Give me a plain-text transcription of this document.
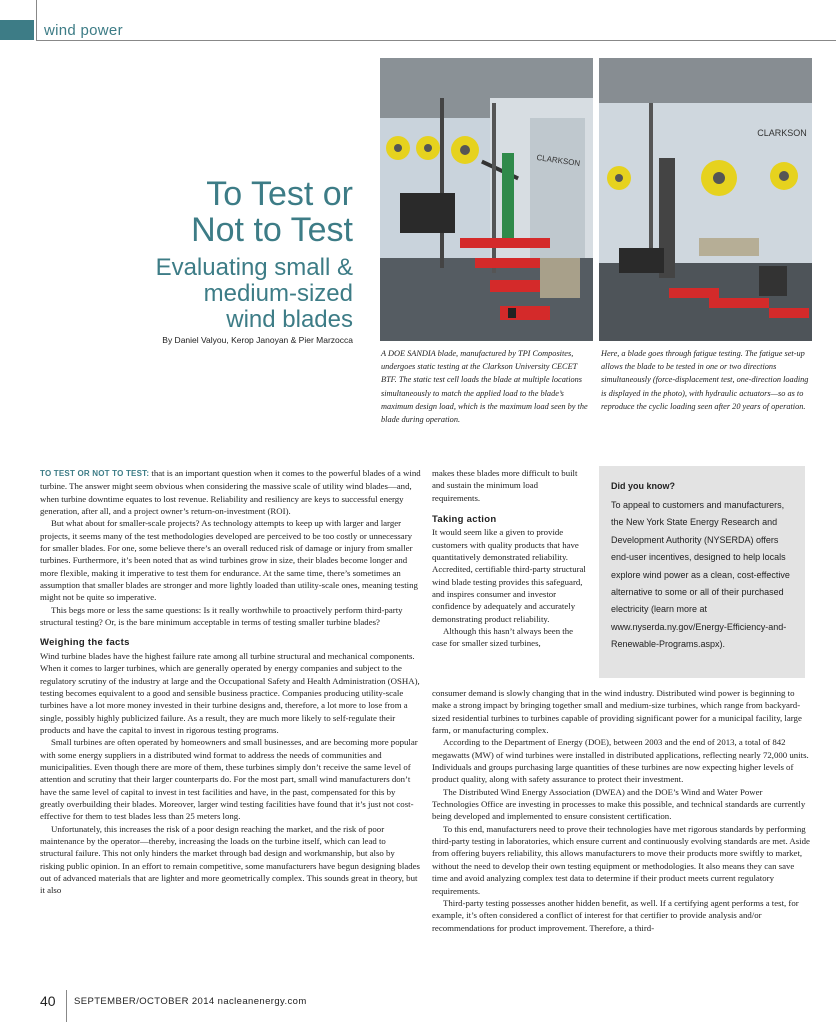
wind power
To Test or
Not to Test
Evaluating small &
medium-sized
wind blades
By Daniel Valyou, Kerop Janoyan & Pier Marzocca
CLARKSON
CLARKSON
A DOE SANDIA blade, manufactured by TPI Composites, undergoes static testing at the Clarkson University CECET BTF. The static test cell loads the blade at multiple locations simultaneously to match the applied load to the blade’s maximum design load, which is the maximum load seen by the blade during operation.
Here, a blade goes through fatigue testing. The fatigue set-up allows the blade to be tested in one or two directions simultaneously (force-displacement test, one-direction loading is displayed in the photo), with hydraulic actuators—so as to reproduce the cyclic loading seen after 20 years of operation.

TO TEST OR NOT TO TEST: that is an important question when it comes to the powerful blades of a wind turbine. The answer might seem obvious when considering the massive scale of utility wind blades—and, when turbine downtime equates to lost revenue. Reliability and resiliency are keys to successful energy generation, after all, and a project owner’s return-on-investment (ROI).

But what about for smaller-scale projects? As technology attempts to keep up with larger and larger projects, it seems many of the test methodologies developed are perceived to be too costly or unnecessary for smaller blades. For one, some believe there’s an overall reduced risk of damage or injury from smaller turbines. Furthermore, it’s been noted that as wind turbines grow in size, their blades become longer and more flexible, making it imperative to test them for endurance. At the same time, there’s sometimes an assumption that smaller blades are stronger and more lightly loaded than utility-scale ones, meaning testing might not be quite so imperative.

This begs more or less the same questions: Is it really worthwhile to proactively perform third-party structural testing? Or, is the bare minimum acceptable in terms of testing smaller turbine blades?

Weighing the facts

Wind turbine blades have the highest failure rate among all turbine structural and mechanical components. When it comes to larger turbines, which are generally operated by energy companies and subject to the regulatory scrutiny of the industry at large and the Occupational Safety and Health Administration (OSHA), testing becomes equivalent to a good and sensible business practice. Companies producing utility-scale turbines have a lot more money invested in their turbine designs and, therefore, a lot more to lose from a single, possibly highly publicized failure. As a result, they are much more likely to self-regulate their products and have the capital to invest in rigorous testing programs.

Small turbines are often operated by homeowners and small businesses, and are becoming more popular with some energy suppliers in a distributed wind format to address the needs of communities and municipalities. Even though there are more of them, these turbines simply don’t receive the same level of attention and scrutiny that their larger counterparts do. For the most part, small wind manufacturers don’t have the same level of capital to invest in test facilities and have, in the past, compensated for this by greatly overbuilding their blades. Moreover, larger wind testing facilities have found that it’s just not cost-effective for them to test blades less than 25 meters long.

Unfortunately, this increases the risk of a poor design reaching the market, and the risk of poor maintenance by the operator—thereby, increasing the loads on the turbine itself, which can lead to structural failure. This not only hinders the market through bad design and workmanship, but also by risking public opinion. In an effort to remain competitive, some manufacturers have begun designing blades out of advanced materials that are lighter and more geometrically complex. This sounds great in theory, but it also

makes these blades more difficult to built and sustain the minimum load requirements.

Taking action

It would seem like a given to provide customers with quality products that have quantitatively demonstrated reliability. Accredited, certifiable third-party structural wind blade testing provides this safeguard, and inspires consumer and investor confidence by adequately and accurately demonstrating product reliability.

Although this hasn’t always been the case for smaller sized turbines,

consumer demand is slowly changing that in the wind industry. Distributed wind power is beginning to make a strong impact by bringing together small and medium-size turbines, which range from backyard-sized residential turbines to turbines capable of providing significant power for a municipal facility, large farm, or manufacturing complex.

According to the Department of Energy (DOE), between 2003 and the end of 2013, a total of 842 megawatts (MW) of wind turbines were installed in distributed applications, reflecting nearly 72,000 units. Individuals and groups purchasing large quantities of these turbines are now expecting higher levels of product quality, along with safety assurance to protect their investment.

The Distributed Wind Energy Association (DWEA) and the DOE’s Wind and Water Power Technologies Office are investing in processes to make this possible, and technical standards are currently being developed and implemented to ensure consistent certification.

To this end, manufacturers need to prove their technologies have met rigorous standards by performing third-party testing in laboratories, which ensure current and continuously evolving standards are met. Aside from offering buyers reliability, this allows manufacturers to move their products more swiftly to market, without the need to develop their own testing equipment or methodologies. It also means they can save time and avoid analyzing complex test data to determine if their product meets current regulatory requirements.

Third-party testing possesses another hidden benefit, as well. If a certifying agent performs a test, for example, it’s often considered a conflict of interest for that certifier to provide analysis and/or recommendations for product improvement. Therefore, a third-

Did you know?
To appeal to customers and manufacturers, the New York State Energy Research and Development Authority (NYSERDA) offers end-user incentives, designed to help locals explore wind power as a clean, cost-effective alternative to some or all of their purchased electricity (learn more at www.nyserda.ny.gov/Energy-Efficiency-and-Renewable-Programs.aspx).
40 SEPTEMBER/OCTOBER 2014 nacleanenergy.com
